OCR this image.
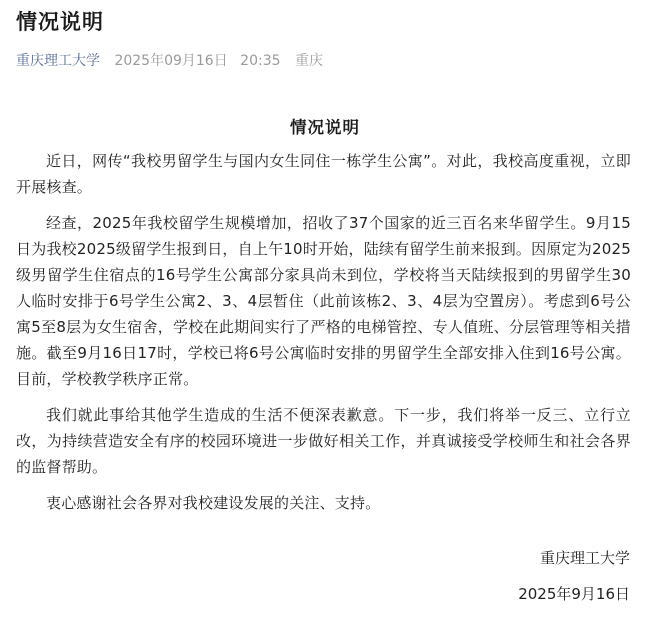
情况说明
重庆理工大学 2025年09月16日 20:35 重庆
情况说明

近日，网传“我校男留学生与国内女生同住一栋学生公寓”。对此，我校高度重视，立即开展核查。

经查，2025年我校留学生规模增加，招收了37个国家的近三百名来华留学生。9月15日为我校2025级留学生报到日，自上午10时开始，陆续有留学生前来报到。因原定为2025级男留学生住宿点的16号学生公寓部分家具尚未到位，学校将当天陆续报到的男留学生30人临时安排于6号学生公寓2、3、4层暂住（此前该栋2、3、4层为空置房）。考虑到6号公寓5至8层为女生宿舍，学校在此期间实行了严格的电梯管控、专人值班、分层管理等相关措施。截至9月16日17时，学校已将6号公寓临时安排的男留学生全部安排入住到16号公寓。目前，学校教学秩序正常。

我们就此事给其他学生造成的生活不便深表歉意。下一步，我们将举一反三、立行立改，为持续营造安全有序的校园环境进一步做好相关工作，并真诚接受学校师生和社会各界的监督帮助。

衷心感谢社会各界对我校建设发展的关注、支持。

重庆理工大学
2025年9月16日
